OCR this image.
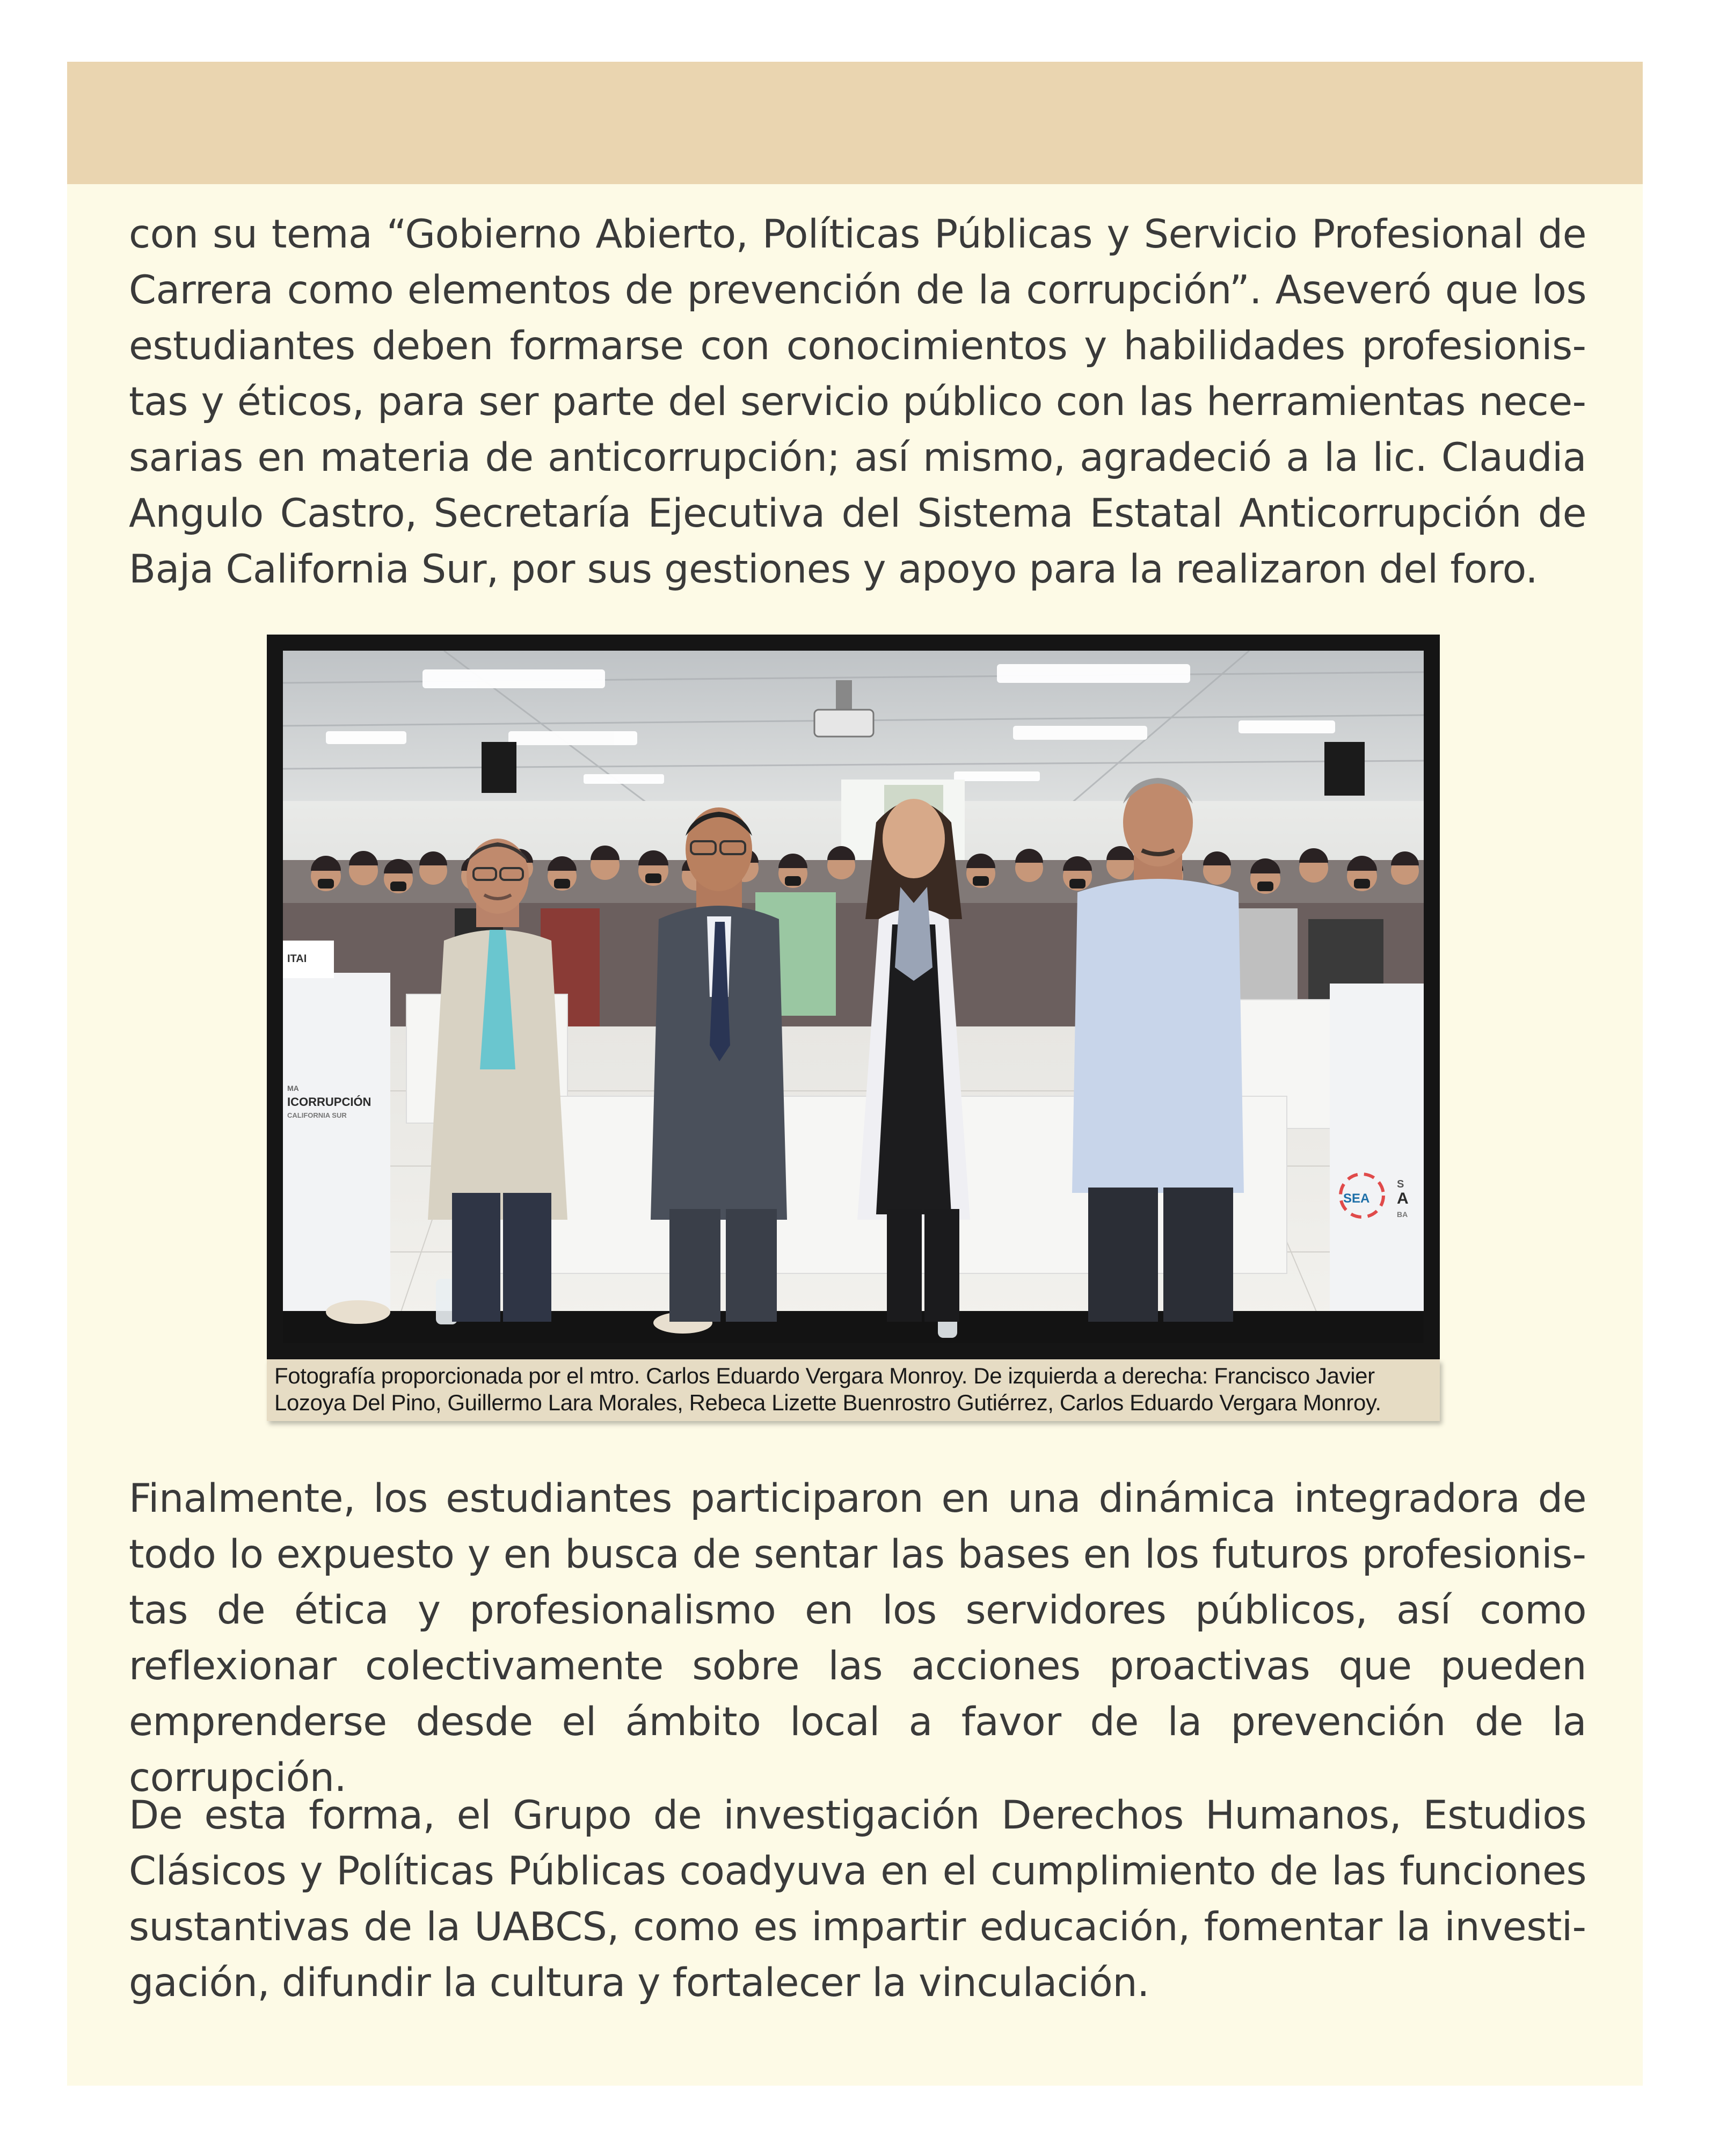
con su tema “Gobierno Abierto, Políticas Públicas y Servicio Profesional de Carrera como elementos de prevención de la corrupción”. Aseveró que los estudiantes deben formarse con conocimientos y habilidades profesionistas y éticos, para ser parte del servicio público con las herramientas necesarias en materia de anticorrupción; así mismo, agradeció a la lic. Claudia Angulo Castro, Secretaría Ejecutiva del Sistema Estatal Anticorrupción de Baja California Sur, por sus gestiones y apoyo para la realizaron del foro.

MA
ICORRUPCIÓN
CALIFORNIA SUR
ITAI
SEA
S
A
BA

Fotografía proporcionada por el mtro. Carlos Eduardo Vergara Monroy. De izquierda a derecha: Francisco Javier Lozoya Del Pino, Guillermo Lara Morales, Rebeca Lizette Buenrostro Gutiérrez, Carlos Eduardo Vergara Monroy.

Finalmente, los estudiantes participaron en una dinámica integradora de todo lo expuesto y en busca de sentar las bases en los futuros profesionistas de ética y profesionalismo en los servidores públicos, así como reflexionar colectivamente sobre las acciones proactivas que pueden emprenderse desde el ámbito local a favor de la prevención de la corrupción.

De esta forma, el Grupo de investigación Derechos Humanos, Estudios Clásicos y Políticas Públicas coadyuva en el cumplimiento de las funciones sustantivas de la UABCS, como es impartir educación, fomentar la investigación, difundir la cultura y fortalecer la vinculación.
